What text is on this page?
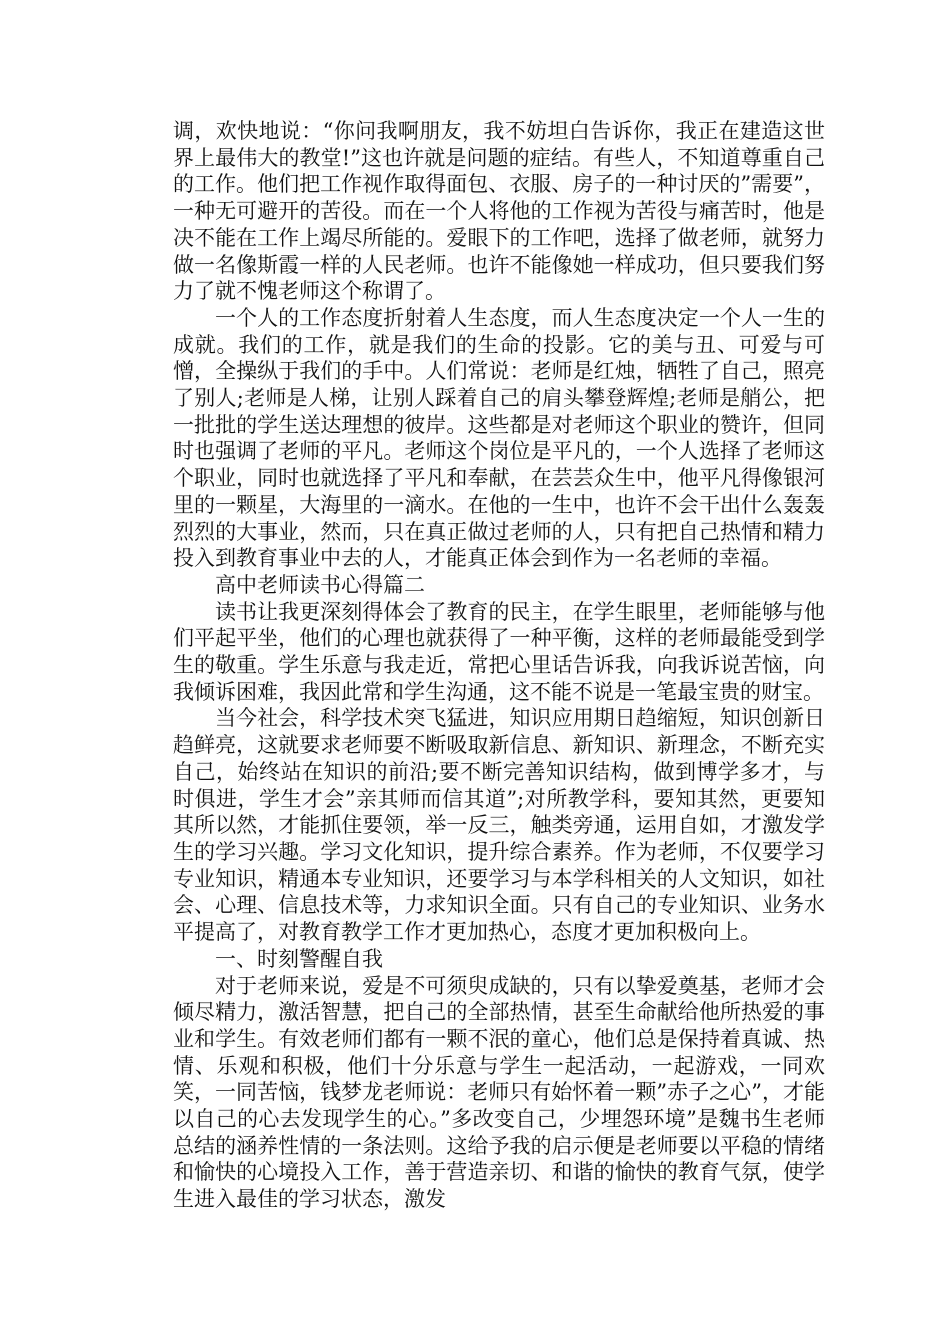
调，欢快地说：“你问我啊朋友，我不妨坦白告诉你，我正在建造这世界上最伟大的教堂!”这也许就是问题的症结。有些人，不知道尊重自己的工作。他们把工作视作取得面包、衣服、房子的一种讨厌的”需要”，一种无可避开的苦役。而在一个人将他的工作视为苦役与痛苦时，他是决不能在工作上竭尽所能的。爱眼下的工作吧，选择了做老师，就努力做一名像斯霞一样的人民老师。也许不能像她一样成功，但只要我们努力了就不愧老师这个称谓了。

一个人的工作态度折射着人生态度，而人生态度决定一个人一生的成就。我们的工作，就是我们的生命的投影。它的美与丑、可爱与可憎，全操纵于我们的手中。人们常说：老师是红烛，牺牲了自己，照亮了别人;老师是人梯，让别人踩着自己的肩头攀登辉煌;老师是艄公，把一批批的学生送达理想的彼岸。这些都是对老师这个职业的赞许，但同时也强调了老师的平凡。老师这个岗位是平凡的，一个人选择了老师这个职业，同时也就选择了平凡和奉献，在芸芸众生中，他平凡得像银河里的一颗星，大海里的一滴水。在他的一生中，也许不会干出什么轰轰烈烈的大事业，然而，只在真正做过老师的人，只有把自己热情和精力投入到教育事业中去的人，才能真正体会到作为一名老师的幸福。

高中老师读书心得篇二

读书让我更深刻得体会了教育的民主，在学生眼里，老师能够与他们平起平坐，他们的心理也就获得了一种平衡，这样的老师最能受到学生的敬重。学生乐意与我走近，常把心里话告诉我，向我诉说苦恼，向我倾诉困难，我因此常和学生沟通，这不能不说是一笔最宝贵的财宝。

当今社会，科学技术突飞猛进，知识应用期日趋缩短，知识创新日趋鲜亮，这就要求老师要不断吸取新信息、新知识、新理念，不断充实自己，始终站在知识的前沿;要不断完善知识结构，做到博学多才，与时俱进，学生才会”亲其师而信其道”;对所教学科，要知其然，更要知其所以然，才能抓住要领，举一反三，触类旁通，运用自如，才激发学生的学习兴趣。学习文化知识，提升综合素养。作为老师，不仅要学习专业知识，精通本专业知识，还要学习与本学科相关的人文知识，如社会、心理、信息技术等，力求知识全面。只有自己的专业知识、业务水平提高了，对教育教学工作才更加热心，态度才更加积极向上。

一、时刻警醒自我

对于老师来说，爱是不可须臾成缺的，只有以挚爱奠基，老师才会倾尽精力，激活智慧，把自己的全部热情，甚至生命献给他所热爱的事业和学生。有效老师们都有一颗不泯的童心，他们总是保持着真诚、热情、乐观和积极，他们十分乐意与学生一起活动，一起游戏，一同欢笑，一同苦恼，钱梦龙老师说：老师只有始怀着一颗”赤子之心”，才能以自己的心去发现学生的心。”多改变自己，少埋怨环境”是魏书生老师总结的涵养性情的一条法则。这给予我的启示便是老师要以平稳的情绪和愉快的心境投入工作，善于营造亲切、和谐的愉快的教育气氛，使学生进入最佳的学习状态，激发
